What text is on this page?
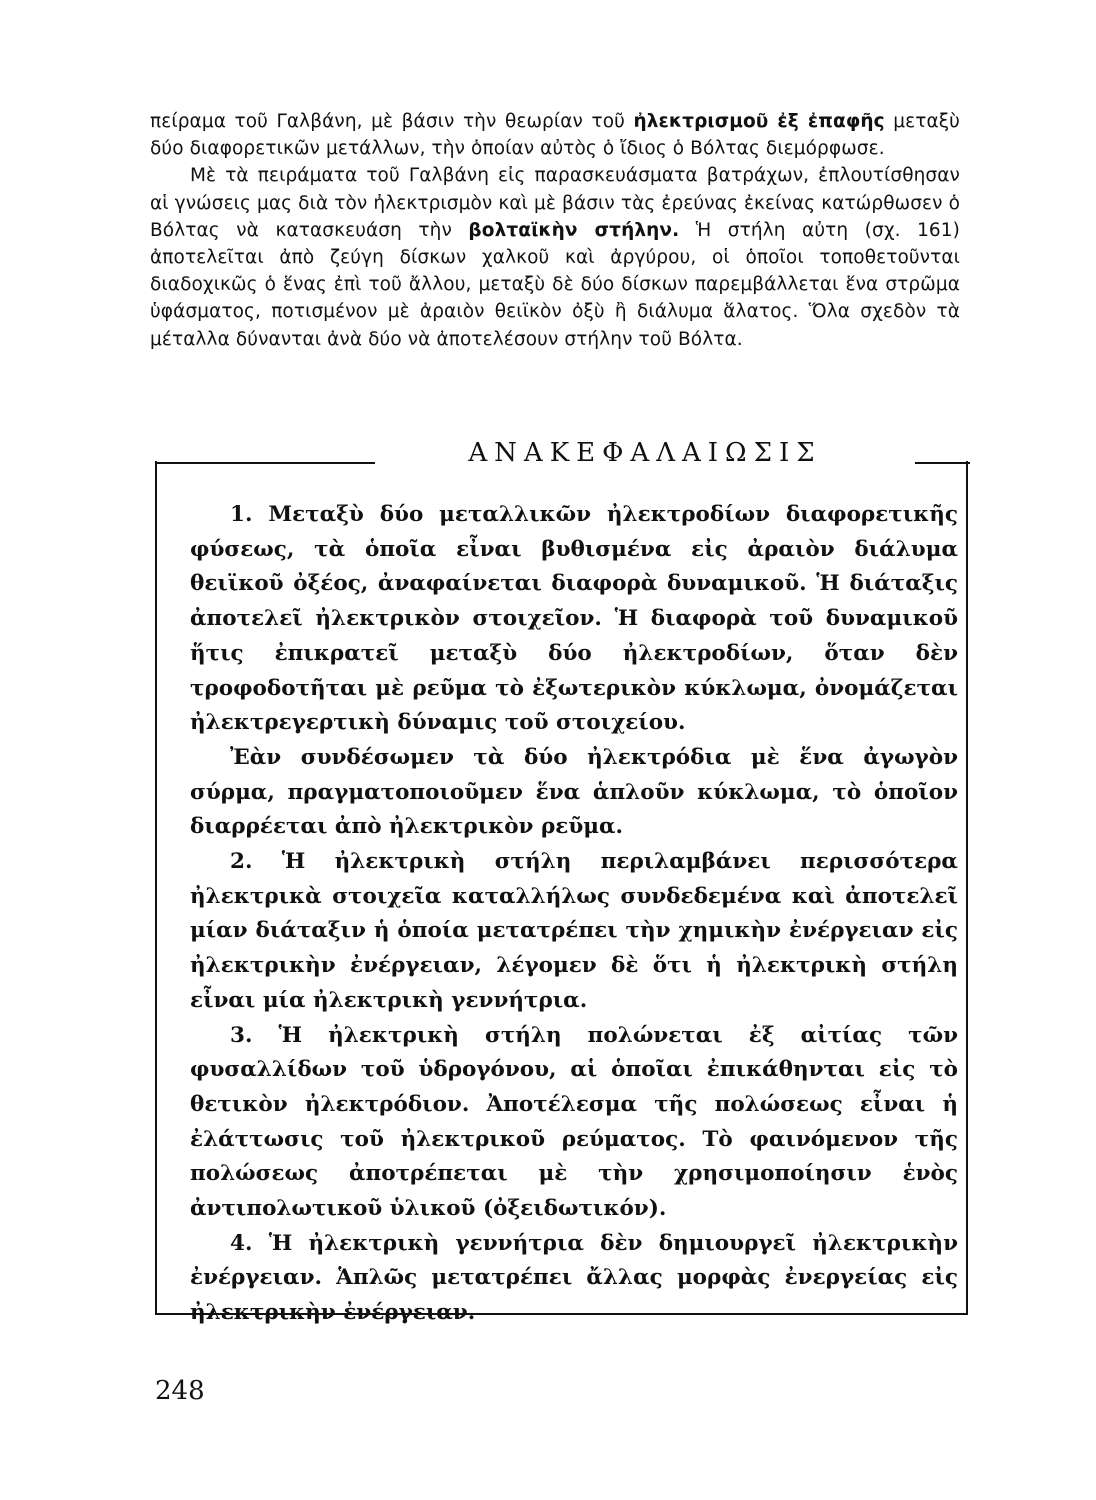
πείραμα τοῦ Γαλβάνη, μὲ βάσιν τὴν θεωρίαν τοῦ ἠλεκτρισμοῦ ἐξ ἐπαφῆς μεταξὺ δύο διαφορετικῶν μετάλλων, τὴν ὁποίαν αὐτὸς ὁ ἴδιος ὁ Βόλτας διεμόρφωσε.

Μὲ τὰ πειράματα τοῦ Γαλβάνη εἰς παρασκευάσματα βατράχων, ἐπλουτίσθησαν αἱ γνώσεις μας διὰ τὸν ἠλεκτρισμὸν καὶ μὲ βάσιν τὰς ἐρεύνας ἐκείνας κατώρθωσεν ὁ Βόλτας νὰ κατασκευάση τὴν βολταϊκὴν στήλην. Ἡ στήλη αὐτη (σχ. 161) ἀποτελεῖται ἀπὸ ζεύγη δίσκων χαλκοῦ καὶ ἀργύρου, οἱ ὁποῖοι τοποθετοῦνται διαδοχικῶς ὁ ἕνας ἐπὶ τοῦ ἄλλου, μεταξὺ δὲ δύο δίσκων παρεμβάλλεται ἕνα στρῶμα ὑφάσματος, ποτισμένον μὲ ἀραιὸν θειϊκὸν ὀξὺ ἢ διάλυμα ἅλατος. Ὅλα σχεδὸν τὰ μέταλλα δύνανται ἀνὰ δύο νὰ ἀποτελέσουν στήλην τοῦ Βόλτα.

ΑΝΑΚΕΦΑΛΑΙΩΣΙΣ

1. Μεταξὺ δύο μεταλλικῶν ἠλεκτροδίων διαφορετικῆς φύσεως, τὰ ὁποῖα εἶναι βυθισμένα εἰς ἀραιὸν διάλυμα θειϊκοῦ ὀξέος, ἀναφαίνεται διαφορὰ δυναμικοῦ. Ἡ διάταξις ἀποτελεῖ ἠλεκτρικὸν στοιχεῖον. Ἡ διαφορὰ τοῦ δυναμικοῦ ἥτις ἐπικρατεῖ μεταξὺ δύο ἠλεκτροδίων, ὅταν δὲν τροφοδοτῆται μὲ ρεῦμα τὸ ἐξωτερικὸν κύκλωμα, ὀνομάζεται ἠλεκτρεγερτικὴ δύναμις τοῦ στοιχείου.

Ἐὰν συνδέσωμεν τὰ δύο ἠλεκτρόδια μὲ ἕνα ἀγωγὸν σύρμα, πραγματοποιοῦμεν ἕνα ἁπλοῦν κύκλωμα, τὸ ὁποῖον διαρρέεται ἀπὸ ἠλεκτρικὸν ρεῦμα.

2. Ἡ ἠλεκτρικὴ στήλη περιλαμβάνει περισσότερα ἠλεκτρικὰ στοιχεῖα καταλλήλως συνδεδεμένα καὶ ἀποτελεῖ μίαν διάταξιν ἡ ὁποία μετατρέπει τὴν χημικὴν ἐνέργειαν εἰς ἠλεκτρικὴν ἐνέργειαν, λέγομεν δὲ ὅτι ἡ ἠλεκτρικὴ στήλη εἶναι μία ἠλεκτρικὴ γεννήτρια.

3. Ἡ ἠλεκτρικὴ στήλη πολώνεται ἐξ αἰτίας τῶν φυσαλλίδων τοῦ ὑδρογόνου, αἱ ὁποῖαι ἐπικάθηνται εἰς τὸ θετικὸν ἠλεκτρόδιον. Ἀποτέλεσμα τῆς πολώσεως εἶναι ἡ ἐλάττωσις τοῦ ἠλεκτρικοῦ ρεύματος. Τὸ φαινόμενον τῆς πολώσεως ἀποτρέπεται μὲ τὴν χρησιμοποίησιν ἑνὸς ἀντιπολωτικοῦ ὑλικοῦ (ὀξειδωτικόν).

4. Ἡ ἠλεκτρικὴ γεννήτρια δὲν δημιουργεῖ ἠλεκτρικὴν ἐνέργειαν. Ἁπλῶς μετατρέπει ἄλλας μορφὰς ἐνεργείας εἰς ἠλεκτρικὴν ἐνέργειαν.

248
